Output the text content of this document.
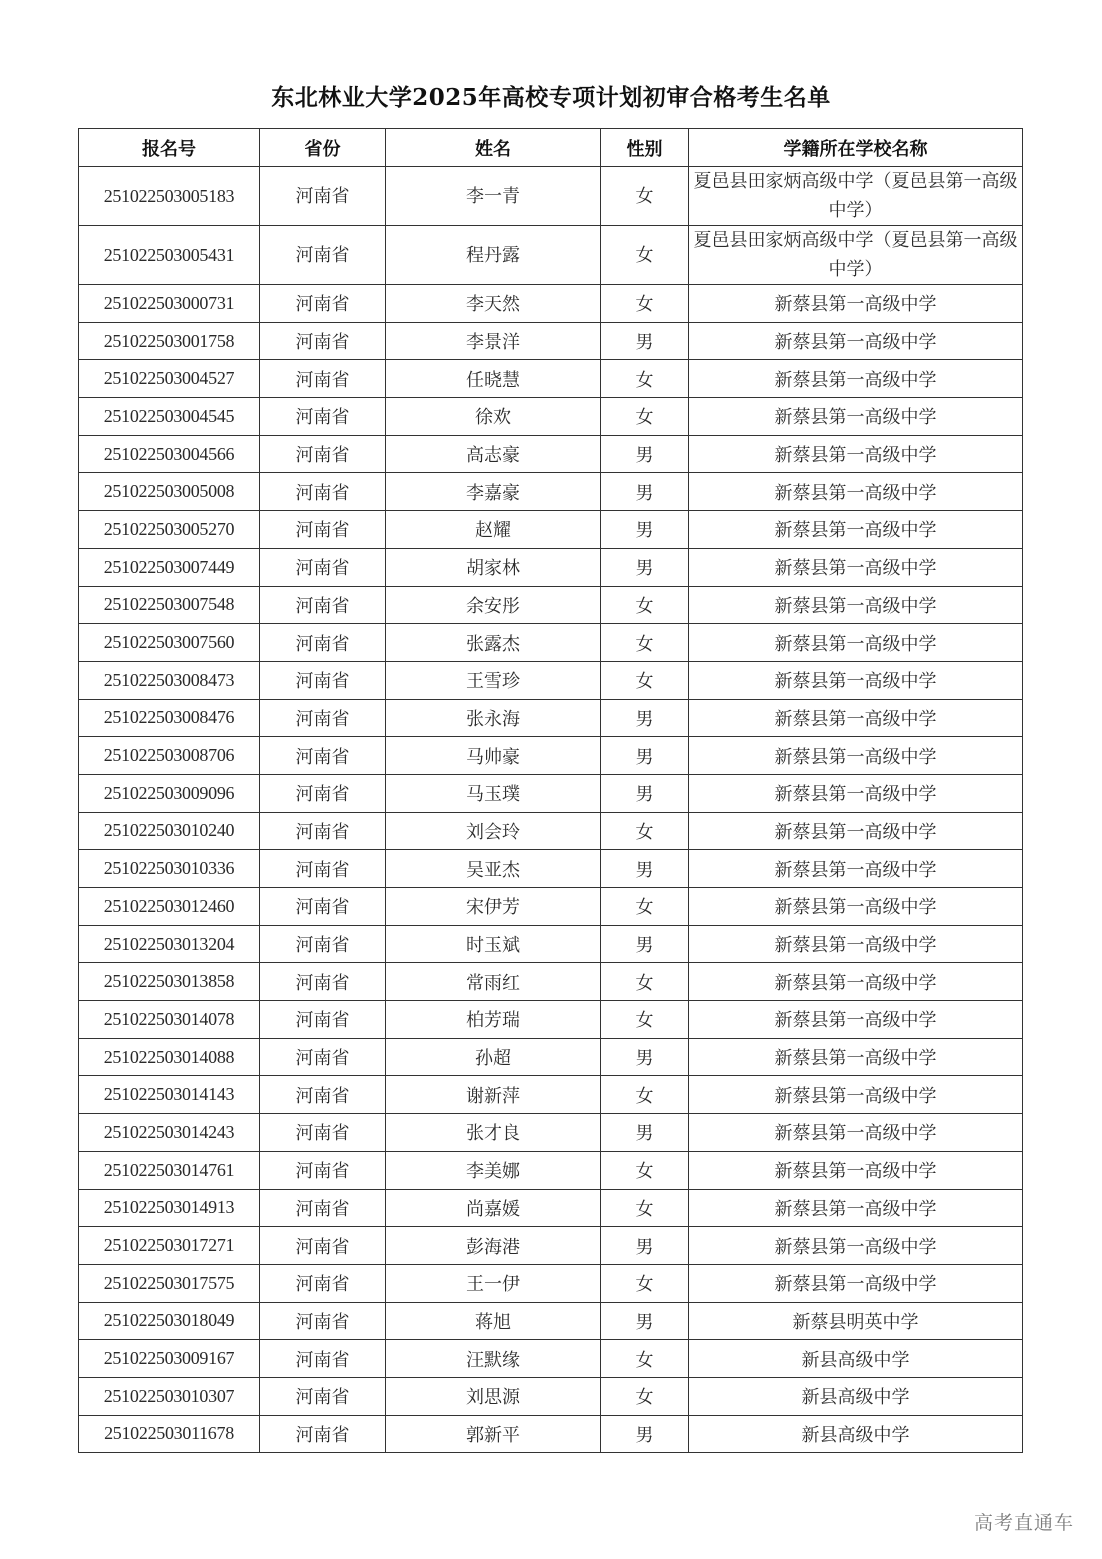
东北林业大学2025年高校专项计划初审合格考生名单
报名号	省份	姓名	性别	学籍所在学校名称
251022503005183	河南省	李一青	女	夏邑县田家炳高级中学（夏邑县第一高级中学）
251022503005431	河南省	程丹露	女	夏邑县田家炳高级中学（夏邑县第一高级中学）
251022503000731	河南省	李天然	女	新蔡县第一高级中学
251022503001758	河南省	李景洋	男	新蔡县第一高级中学
251022503004527	河南省	任晓慧	女	新蔡县第一高级中学
251022503004545	河南省	徐欢	女	新蔡县第一高级中学
251022503004566	河南省	高志豪	男	新蔡县第一高级中学
251022503005008	河南省	李嘉豪	男	新蔡县第一高级中学
251022503005270	河南省	赵耀	男	新蔡县第一高级中学
251022503007449	河南省	胡家林	男	新蔡县第一高级中学
251022503007548	河南省	余安彤	女	新蔡县第一高级中学
251022503007560	河南省	张露杰	女	新蔡县第一高级中学
251022503008473	河南省	王雪珍	女	新蔡县第一高级中学
251022503008476	河南省	张永海	男	新蔡县第一高级中学
251022503008706	河南省	马帅豪	男	新蔡县第一高级中学
251022503009096	河南省	马玉璞	男	新蔡县第一高级中学
251022503010240	河南省	刘会玲	女	新蔡县第一高级中学
251022503010336	河南省	吴亚杰	男	新蔡县第一高级中学
251022503012460	河南省	宋伊芳	女	新蔡县第一高级中学
251022503013204	河南省	时玉斌	男	新蔡县第一高级中学
251022503013858	河南省	常雨红	女	新蔡县第一高级中学
251022503014078	河南省	柏芳瑞	女	新蔡县第一高级中学
251022503014088	河南省	孙超	男	新蔡县第一高级中学
251022503014143	河南省	谢新萍	女	新蔡县第一高级中学
251022503014243	河南省	张才良	男	新蔡县第一高级中学
251022503014761	河南省	李美娜	女	新蔡县第一高级中学
251022503014913	河南省	尚嘉媛	女	新蔡县第一高级中学
251022503017271	河南省	彭海港	男	新蔡县第一高级中学
251022503017575	河南省	王一伊	女	新蔡县第一高级中学
251022503018049	河南省	蒋旭	男	新蔡县明英中学
251022503009167	河南省	汪默缘	女	新县高级中学
251022503010307	河南省	刘思源	女	新县高级中学
251022503011678	河南省	郭新平	男	新县高级中学
高考直通车
